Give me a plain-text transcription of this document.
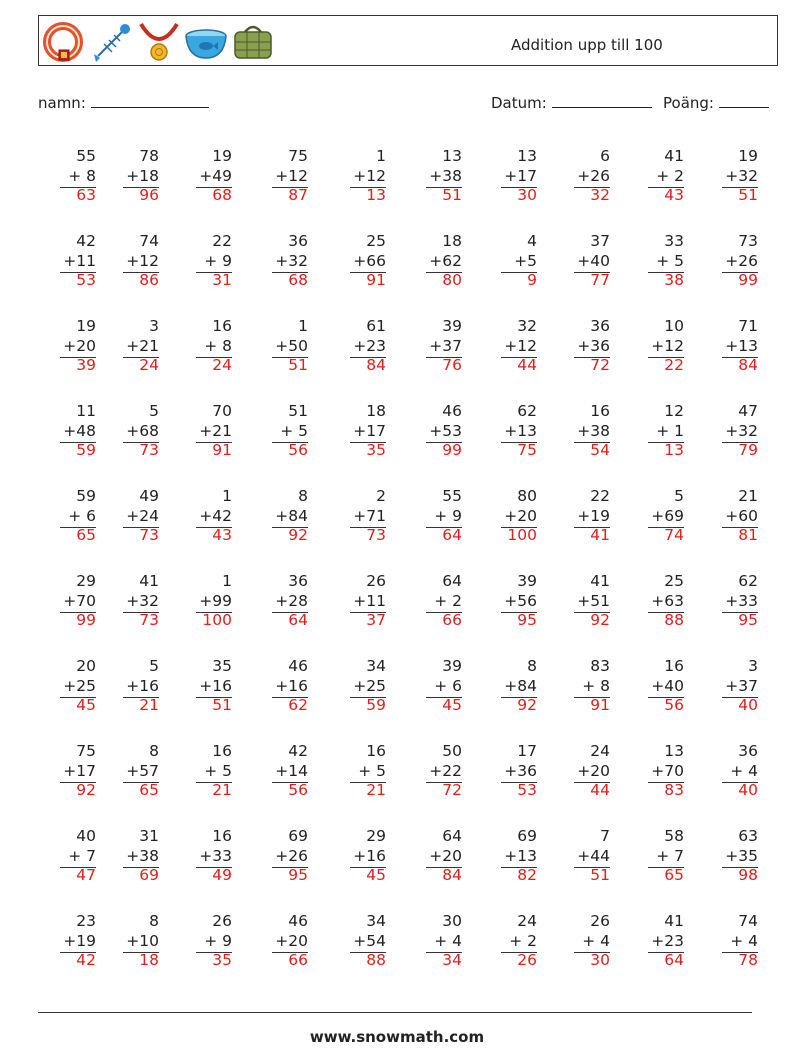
Addition upp till 100
namn:	Datum:	Poäng:
55
+ 8
63
78
+18
96
19
+49
68
75
+12
87
1
+12
13
13
+38
51
13
+17
30
6
+26
32
41
+ 2
43
19
+32
51
42
+11
53
74
+12
86
22
+ 9
31
36
+32
68
25
+66
91
18
+62
80
4
+5
9
37
+40
77
33
+ 5
38
73
+26
99
19
+20
39
3
+21
24
16
+ 8
24
1
+50
51
61
+23
84
39
+37
76
32
+12
44
36
+36
72
10
+12
22
71
+13
84
11
+48
59
5
+68
73
70
+21
91
51
+ 5
56
18
+17
35
46
+53
99
62
+13
75
16
+38
54
12
+ 1
13
47
+32
79
59
+ 6
65
49
+24
73
1
+42
43
8
+84
92
2
+71
73
55
+ 9
64
80
+20
100
22
+19
41
5
+69
74
21
+60
81
29
+70
99
41
+32
73
1
+99
100
36
+28
64
26
+11
37
64
+ 2
66
39
+56
95
41
+51
92
25
+63
88
62
+33
95
20
+25
45
5
+16
21
35
+16
51
46
+16
62
34
+25
59
39
+ 6
45
8
+84
92
83
+ 8
91
16
+40
56
3
+37
40
75
+17
92
8
+57
65
16
+ 5
21
42
+14
56
16
+ 5
21
50
+22
72
17
+36
53
24
+20
44
13
+70
83
36
+ 4
40
40
+ 7
47
31
+38
69
16
+33
49
69
+26
95
29
+16
45
64
+20
84
69
+13
82
7
+44
51
58
+ 7
65
63
+35
98
23
+19
42
8
+10
18
26
+ 9
35
46
+20
66
34
+54
88
30
+ 4
34
24
+ 2
26
26
+ 4
30
41
+23
64
74
+ 4
78
www.snowmath.com
